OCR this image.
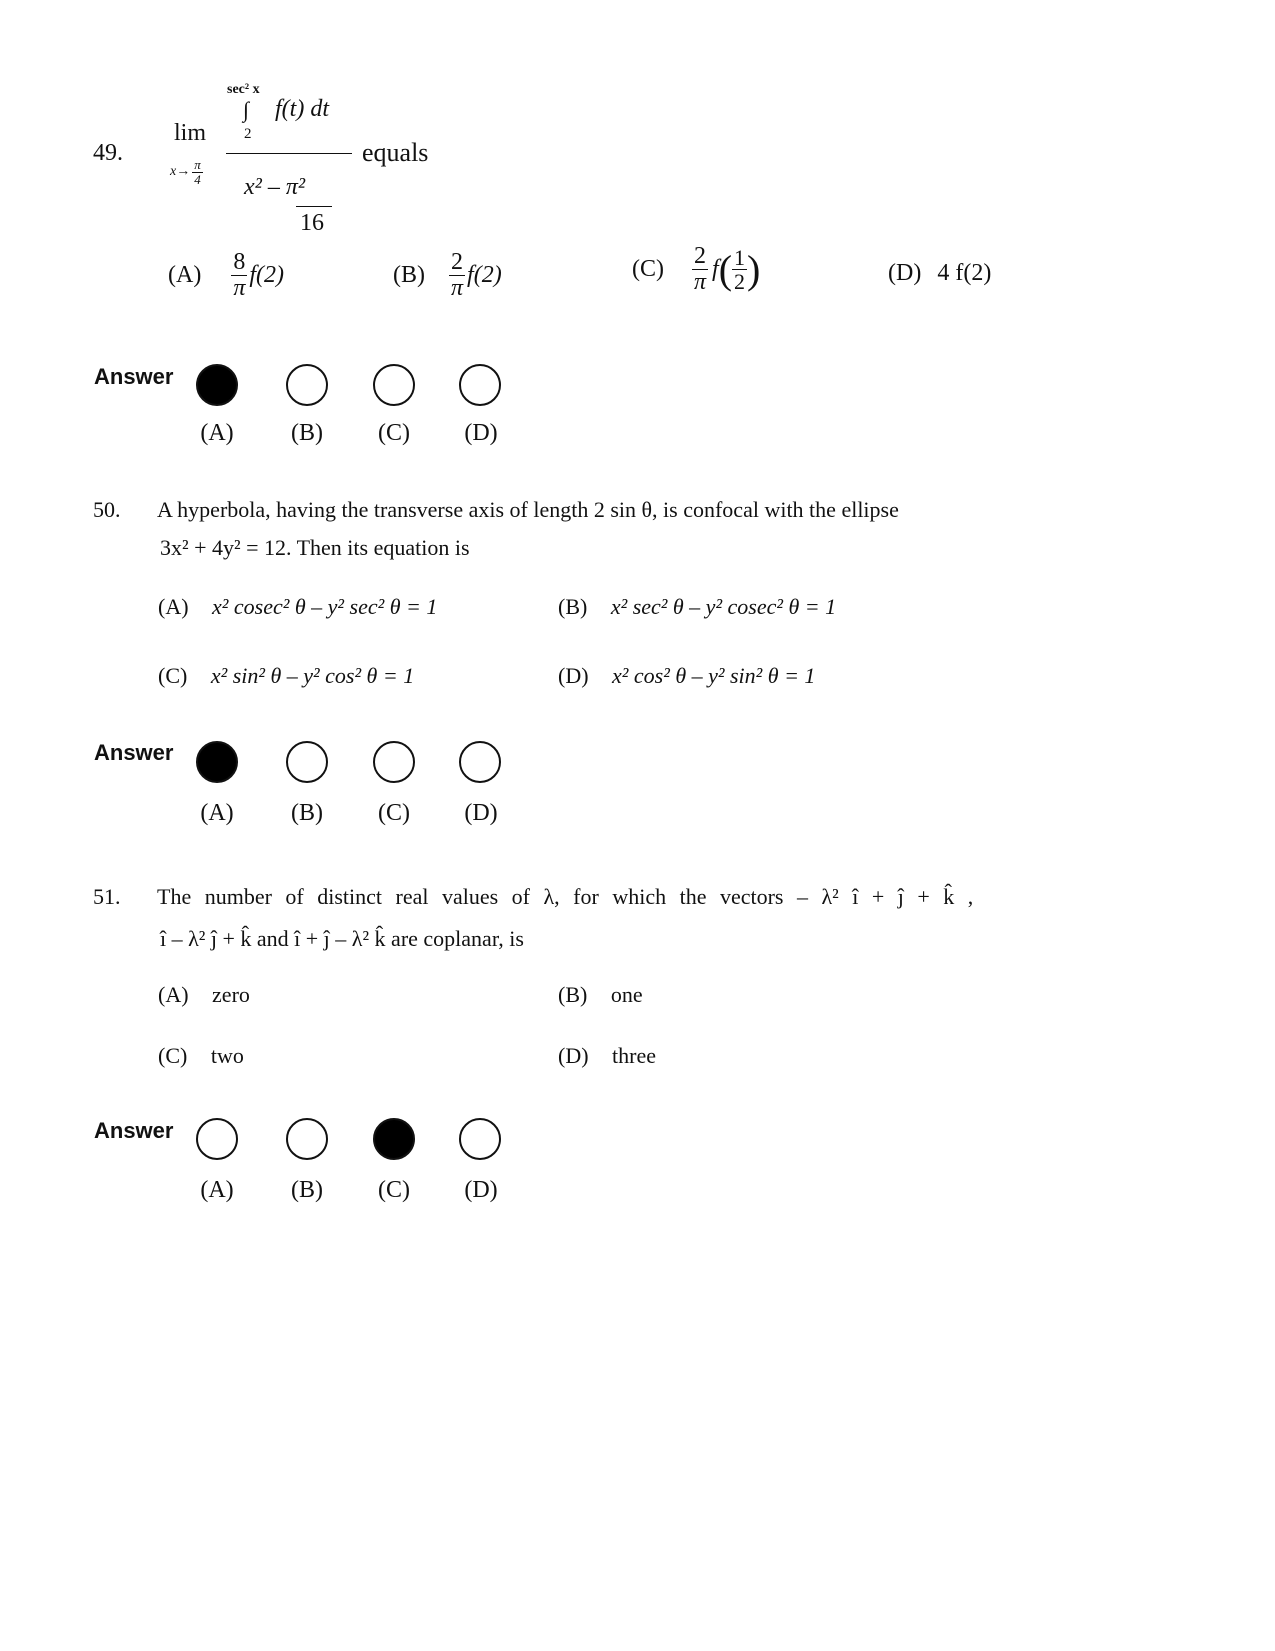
49.
lim
$x\to \frac{\pi}{4}$
sec² x
∫ f(t) dt
2
x² – π²
16
equals
$(A) \frac{8}{\pi} f(2)$	$(B) \frac{2}{\pi} f(2)$	$(C) \frac{2}{\pi}$ f ( $\frac{1}{2}$ )	(D) 4 f(2)
Answer
(A)	(B)	(C)	(D)
50. A hyperbola, having the transverse axis of length 2 sin θ, is confocal with the ellipse
3x² + 4y² = 12. Then its equation is
(A) x² cosec² θ – y² sec² θ = 1	(B) x² sec² θ – y² cosec² θ = 1
(C) x² sin² θ – y² cos² θ = 1	(D) x² cos² θ – y² sin² θ = 1
Answer
(A)	(B)	(C)	(D)
51. The number of distinct real values of λ, for which the vectors – λ² î + ĵ + k̂ ,
î – λ² ĵ + k̂ and î + ĵ – λ² k̂ are coplanar, is
(A) zero	(B) one
(C) two	(D) three
Answer
(A)	(B)	(C)	(D)
